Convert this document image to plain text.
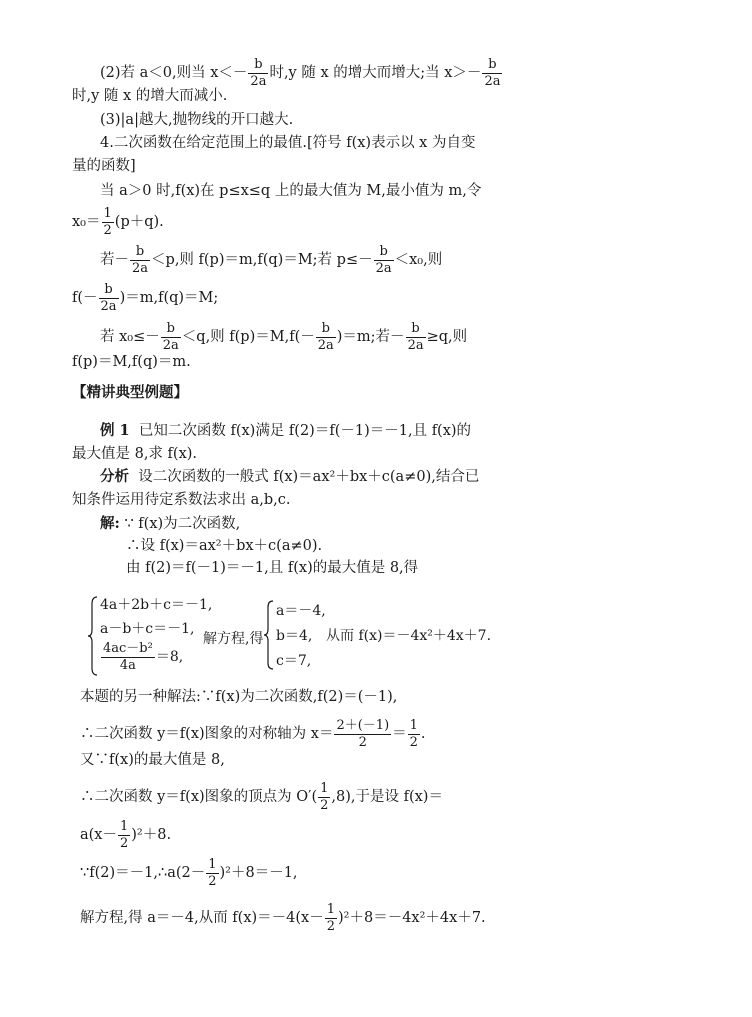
(2)若 a＜0,则当 $x<- \frac{b}{2a}$ 时,y 随 x 的增大而增大;当 $x>- \frac{b}{2a}$
时,y 随 x 的增大而减小.
(3)|a|越大,抛物线的开口越大.
4.二次函数在给定范围上的最值.[符号 f(x)表示以 x 为自变
量的函数]
当 a＞0 时,f(x)在 p≤x≤q 上的最大值为 M,最小值为 m,令
$x_0= \frac{1}{2} (p+q)$.
若－ $\frac{b}{2a} <p$,则 f(p)＝m,f(q)＝M;若 $p\le- \frac{b}{2a} <x_0$,则
$f(- \frac{b}{2a} )=m,f(q)=M$;
若 $x_0\le- \frac{b}{2a} <q$,则 $f(p)=M,f(- \frac{b}{2a} )=m$;若－ $\frac{b}{2a} \ge q$,则
f(p)＝M,f(q)＝m.
【精讲典型例题】
例 1 已知二次函数 f(x)满足 f(2)＝f(－1)＝－1,且 f(x)的
最大值是 8,求 f(x).
分析 设二次函数的一般式 f(x)＝ax²＋bx＋c(a≠0),结合已
知条件运用待定系数法求出 a,b,c.
解: ∵ f(x)为二次函数,
∴设 f(x)＝ax²＋bx＋c(a≠0).
由 f(2)＝f(－1)＝－1,且 f(x)的最大值是 8,得
4a＋2b＋c＝－1,
a－b＋c＝－1,
$\frac{\text{4ac－b²}}{4a} =8$,
解方程,得
a＝－4,
b＝4,
c＝7,
从而 f(x)＝－4x²＋4x＋7.
本题的另一种解法:∵f(x)为二次函数,f(2)＝(－1),
∴二次函数 y＝f(x)图象的对称轴为 $x= \frac{2+(-1)}{2} = \frac{1}{2}$ .
又∵f(x)的最大值是 8,
∴二次函数 y＝f(x)图象的顶点为 $O'( \frac{1}{2} ,8)$,于是设 f(x)＝
$a(x- \frac{1}{2} )^2+8$.
∵f(2)＝－1,∴a(2－ $\frac{1}{2} )^2+8=-1$,
解方程,得 a＝－4,从而 $f(x)=-4(x- \frac{1}{2} )^2+8=-4x^2+4x+7$.
